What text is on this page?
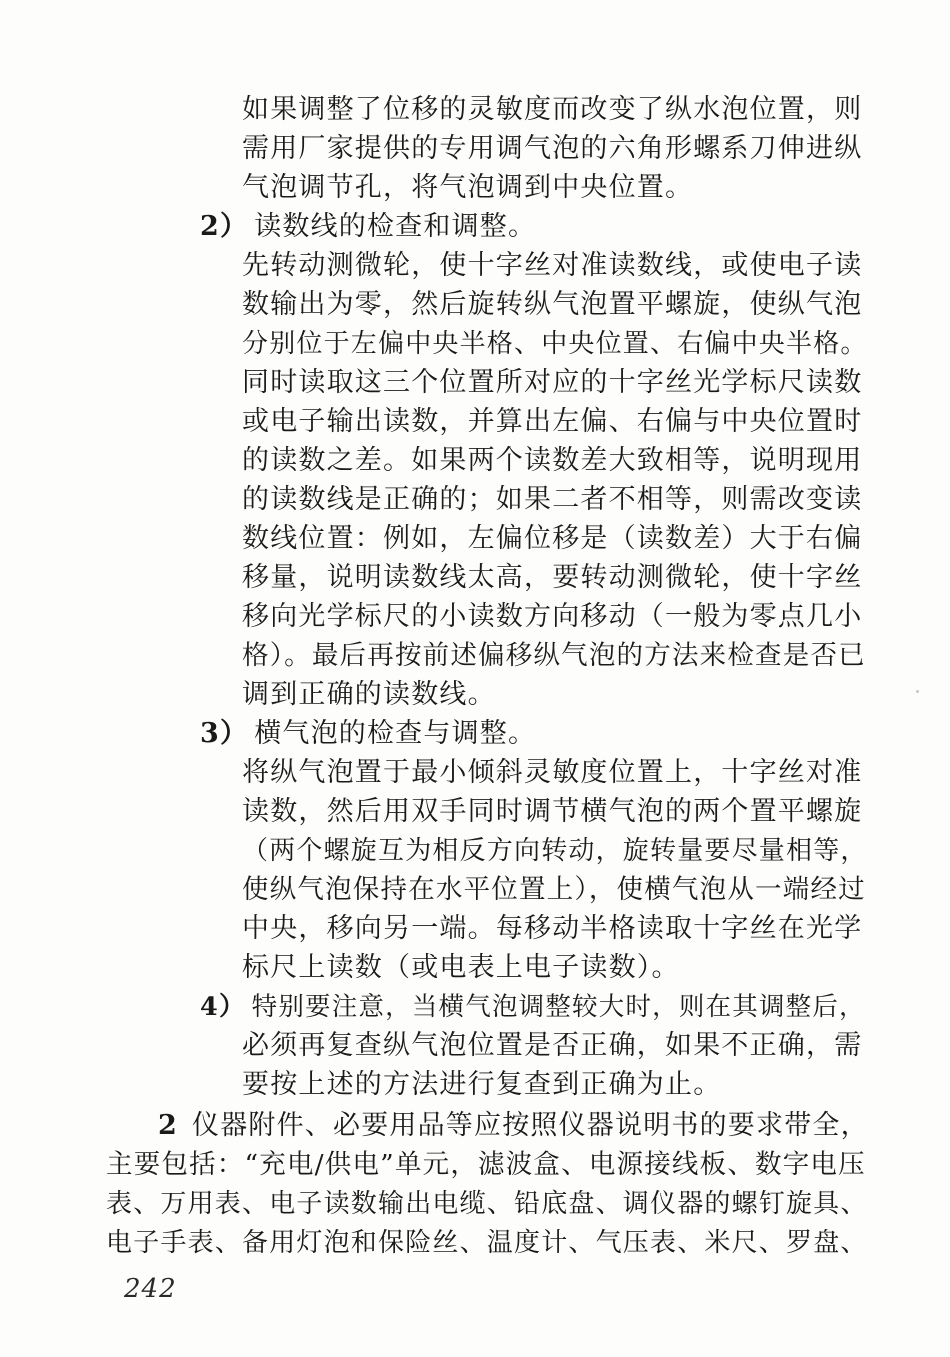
如果调整了位移的灵敏度而改变了纵水泡位置，则
需用厂家提供的专用调气泡的六角形螺系刀伸进纵
气泡调节孔，将气泡调到中央位置。
2） 读数线的检查和调整。
先转动测微轮，使十字丝对准读数线，或使电子读
数输出为零，然后旋转纵气泡置平螺旋，使纵气泡
分别位于左偏中央半格、中央位置、右偏中央半格。
同时读取这三个位置所对应的十字丝光学标尺读数
或电子输出读数，并算出左偏、右偏与中央位置时
的读数之差。如果两个读数差大致相等，说明现用
的读数线是正确的；如果二者不相等，则需改变读
数线位置：例如，左偏位移是（读数差）大于右偏
移量，说明读数线太高，要转动测微轮，使十字丝
移向光学标尺的小读数方向移动（一般为零点几小
格）。最后再按前述偏移纵气泡的方法来检查是否已
调到正确的读数线。
3） 横气泡的检查与调整。
将纵气泡置于最小倾斜灵敏度位置上，十字丝对准
读数，然后用双手同时调节横气泡的两个置平螺旋
（两个螺旋互为相反方向转动，旋转量要尽量相等，
使纵气泡保持在水平位置上），使横气泡从一端经过
中央，移向另一端。每移动半格读取十字丝在光学
标尺上读数（或电表上电子读数）。
4） 特别要注意，当横气泡调整较大时，则在其调整后，
必须再复查纵气泡位置是否正确，如果不正确，需
要按上述的方法进行复查到正确为止。
2 仪器附件、必要用品等应按照仪器说明书的要求带全，
主要包括：“充电/供电”单元，滤波盒、电源接线板、数字电压
表、万用表、电子读数输出电缆、铅底盘、调仪器的螺钉旋具、
电子手表、备用灯泡和保险丝、温度计、气压表、米尺、罗盘、
242
